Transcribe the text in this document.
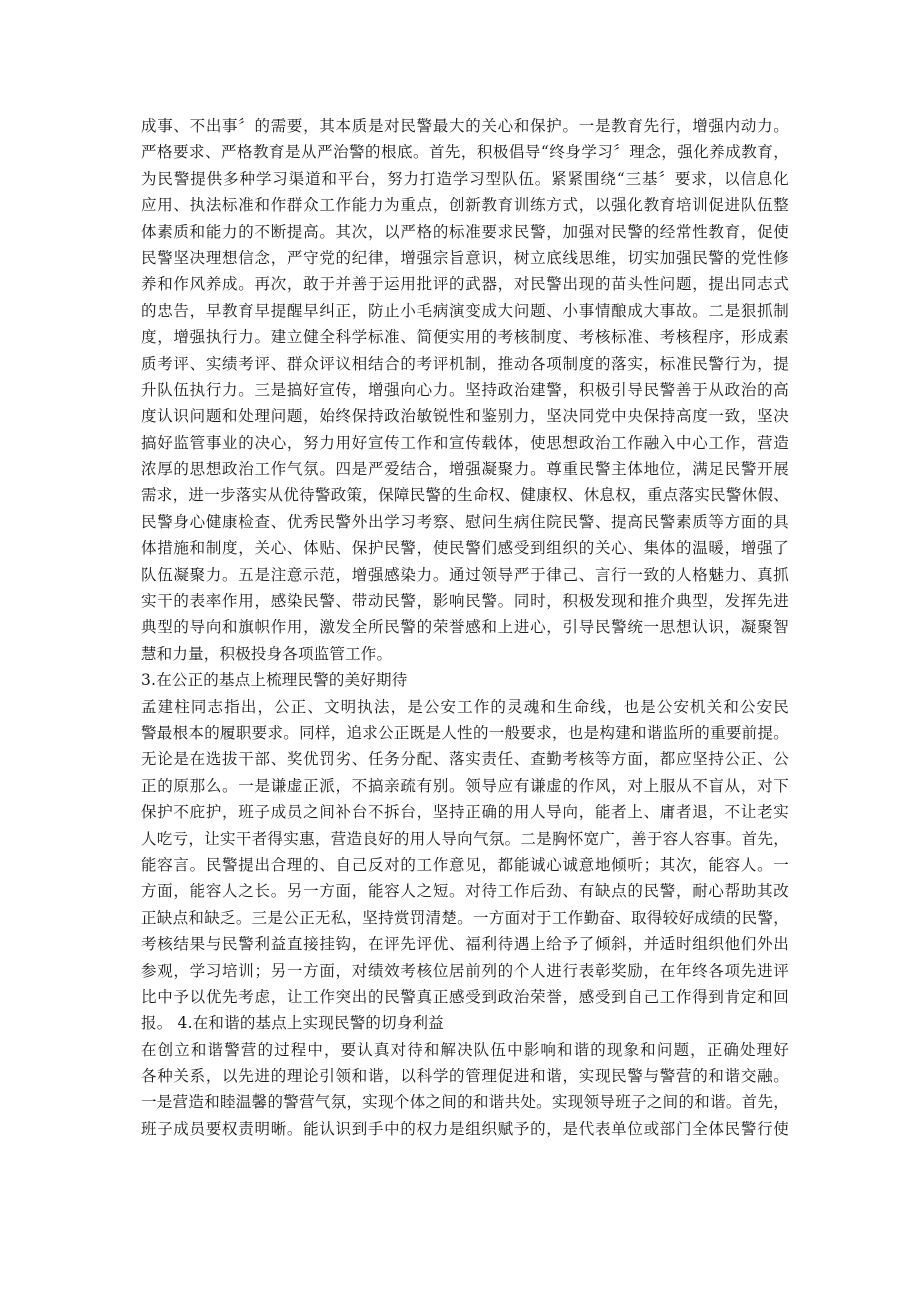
成事、不出事〞的需要，其本质是对民警最大的关心和保护。一是教育先行，增强内动力。
严格要求、严格教育是从严治警的根底。首先，积极倡导“终身学习〞理念，强化养成教育，
为民警提供多种学习渠道和平台，努力打造学习型队伍。紧紧围绕“三基〞要求，以信息化
应用、执法标准和作群众工作能力为重点，创新教育训练方式，以强化教育培训促进队伍整
体素质和能力的不断提高。其次，以严格的标准要求民警，加强对民警的经常性教育，促使
民警坚决理想信念，严守党的纪律，增强宗旨意识，树立底线思维，切实加强民警的党性修
养和作风养成。再次，敢于并善于运用批评的武器，对民警出现的苗头性问题，提出同志式
的忠告，早教育早提醒早纠正，防止小毛病演变成大问题、小事情酿成大事故。二是狠抓制
度，增强执行力。建立健全科学标准、简便实用的考核制度、考核标准、考核程序，形成素
质考评、实绩考评、群众评议相结合的考评机制，推动各项制度的落实，标准民警行为，提
升队伍执行力。三是搞好宣传，增强向心力。坚持政治建警，积极引导民警善于从政治的高
度认识问题和处理问题，始终保持政治敏锐性和鉴别力，坚决同党中央保持高度一致，坚决
搞好监管事业的决心，努力用好宣传工作和宣传载体，使思想政治工作融入中心工作，营造
浓厚的思想政治工作气氛。四是严爱结合，增强凝聚力。尊重民警主体地位，满足民警开展
需求，进一步落实从优待警政策，保障民警的生命权、健康权、休息权，重点落实民警休假、
民警身心健康检查、优秀民警外出学习考察、慰问生病住院民警、提高民警素质等方面的具
体措施和制度，关心、体贴、保护民警，使民警们感受到组织的关心、集体的温暖，增强了
队伍凝聚力。五是注意示范，增强感染力。通过领导严于律己、言行一致的人格魅力、真抓
实干的表率作用，感染民警、带动民警，影响民警。同时，积极发现和推介典型，发挥先进
典型的导向和旗帜作用，激发全所民警的荣誉感和上进心，引导民警统一思想认识，凝聚智
慧和力量，积极投身各项监管工作。
3.在公正的基点上梳理民警的美好期待
孟建柱同志指出，公正、文明执法，是公安工作的灵魂和生命线，也是公安机关和公安民
警最根本的履职要求。同样，追求公正既是人性的一般要求，也是构建和谐监所的重要前提。
无论是在选拔干部、奖优罚劣、任务分配、落实责任、查勤考核等方面，都应坚持公正、公
正的原那么。一是谦虚正派，不搞亲疏有别。领导应有谦虚的作风，对上服从不盲从，对下
保护不庇护，班子成员之间补台不拆台，坚持正确的用人导向，能者上、庸者退，不让老实
人吃亏，让实干者得实惠，营造良好的用人导向气氛。二是胸怀宽广，善于容人容事。首先，
能容言。民警提出合理的、自己反对的工作意见，都能诚心诚意地倾听；其次，能容人。一
方面，能容人之长。另一方面，能容人之短。对待工作后劲、有缺点的民警，耐心帮助其改
正缺点和缺乏。三是公正无私，坚持赏罚清楚。一方面对于工作勤奋、取得较好成绩的民警，
考核结果与民警利益直接挂钩，在评先评优、福利待遇上给予了倾斜，并适时组织他们外出
参观，学习培训；另一方面，对绩效考核位居前列的个人进行表彰奖励，在年终各项先进评
比中予以优先考虑，让工作突出的民警真正感受到政治荣誉，感受到自己工作得到肯定和回
报。 4.在和谐的基点上实现民警的切身利益
在创立和谐警营的过程中，要认真对待和解决队伍中影响和谐的现象和问题，正确处理好
各种关系，以先进的理论引领和谐，以科学的管理促进和谐，实现民警与警营的和谐交融。
一是营造和睦温馨的警营气氛，实现个体之间的和谐共处。实现领导班子之间的和谐。首先，
班子成员要权责明晰。能认识到手中的权力是组织赋予的，是代表单位或部门全体民警行使
